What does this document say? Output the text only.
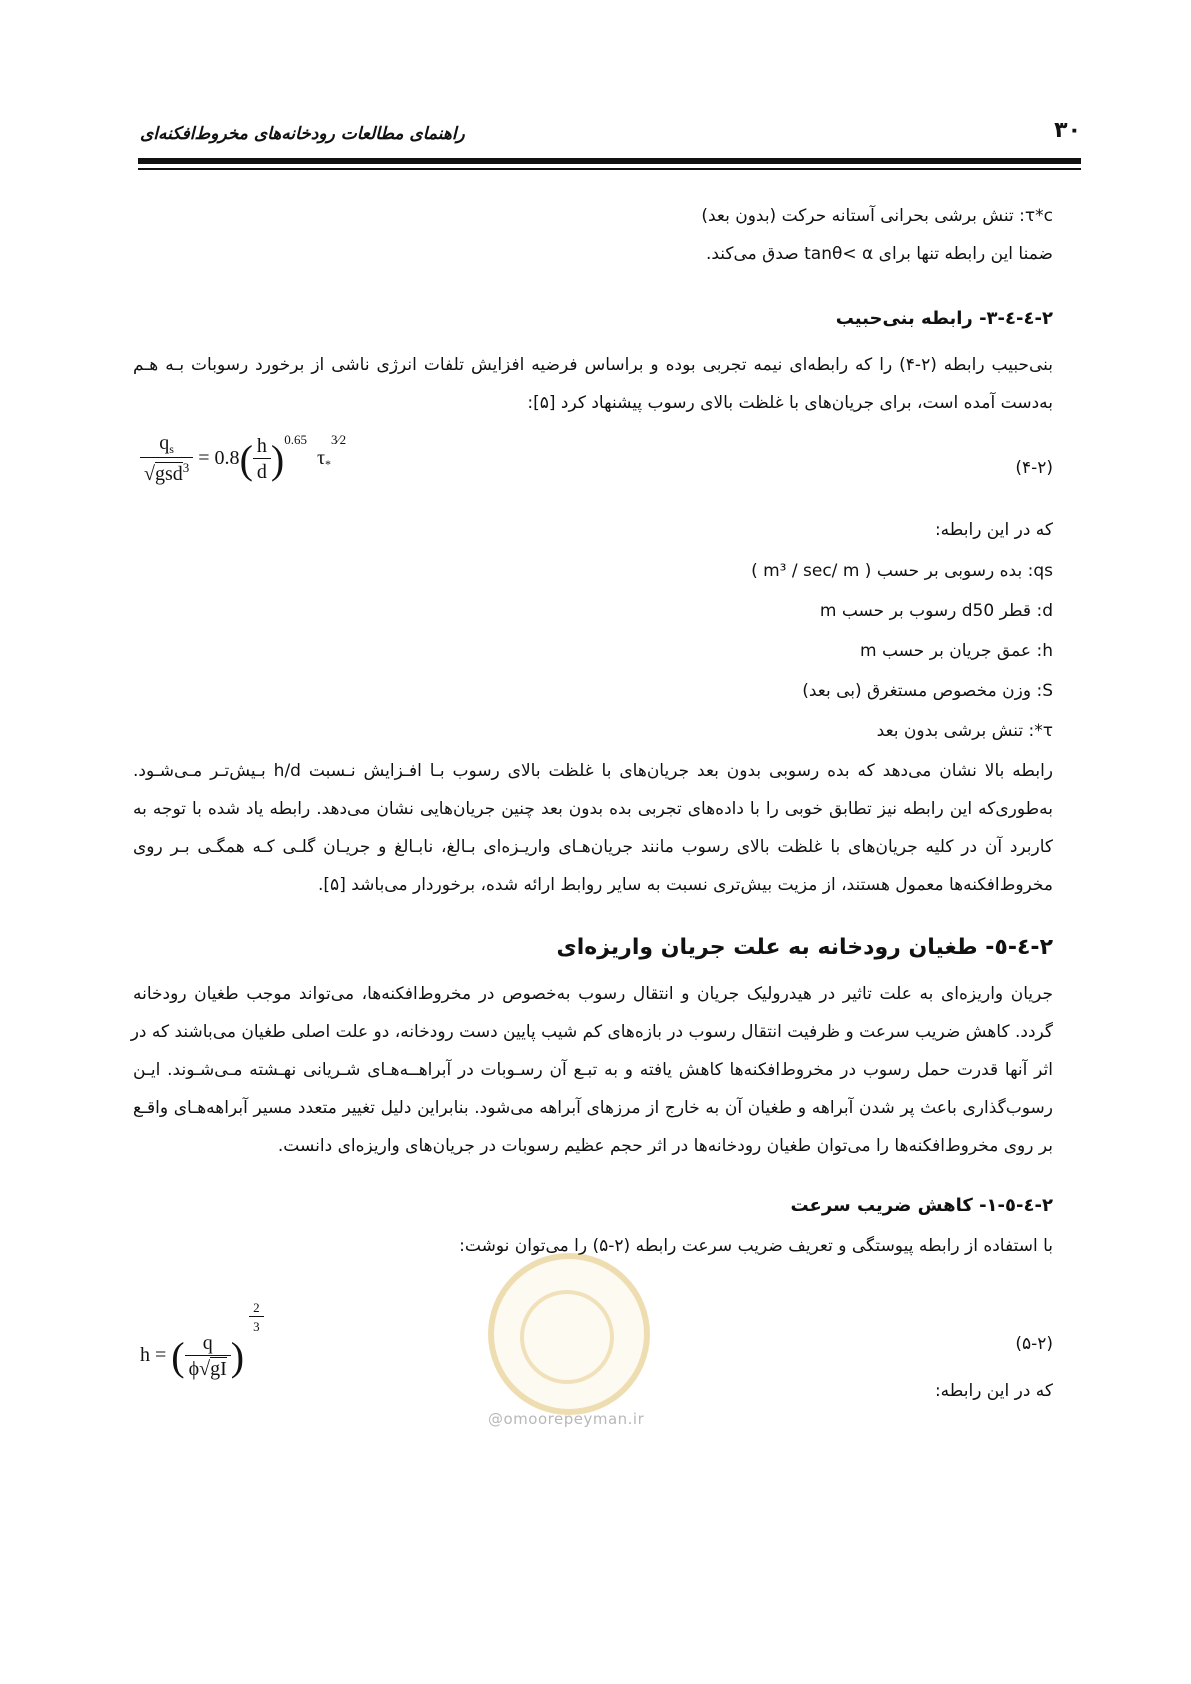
راهنمای مطالعات رودخانه‌های مخروط‌افکنه‌ای	۳۰
τ*c: تنش برشی بحرانی آستانه حرکت (بدون بعد)
ضمنا این رابطه تنها برای tanθ< α صدق می‌کند.
۲-٤-٤-۳- رابطه بنی‌حبیب
بنی‌حبیب رابطه (۲-۴) را که رابطه‌ای نیمه تجربی بوده و براساس فرضیه افزایش تلفات انرژی ناشی از برخورد رسوبات بـه هـم
به‌دست آمده است، برای جریان‌های با غلظت بالای رسوب پیشنهاد کرد [۵]:
$\frac{q_s}{√gsd^3} = 0.8( \frac{h}{d} )^{0.65}$  $\tau_*^{3⁄2}$
(۴-۲)
که در این رابطه:
qs: بده رسوبی بر حسب ( m³ / sec/ m )
d: قطر d50 رسوب بر حسب m
h: عمق جریان بر حسب m
S: وزن مخصوص مستغرق (بی بعد)
τ*: تنش برشی بدون بعد
رابطه بالا نشان می‌دهد که بده رسوبی بدون بعد جریان‌های با غلظت بالای رسوب بـا افـزایش نـسبت h/d بـیش‌تـر مـی‌شـود.
به‌طوری‌که این رابطه نیز تطابق خوبی را با داده‌های تجربی بده بدون بعد چنین جریان‌هایی نشان می‌دهد. رابطه یاد شده با توجه به
کاربرد آن در کلیه جریان‌های با غلظت بالای رسوب مانند جریان‌هـای واریـزه‌ای بـالغ، نابـالغ و جریـان گلـی کـه همگـی بـر روی
مخروط‌افکنه‌ها معمول هستند، از مزیت بیش‌تری نسبت به سایر روابط ارائه شده، برخوردار می‌باشد [۵].
۲-٤-٥- طغیان رودخانه به علت جریان واریزه‌ای
جریان واریزه‌ای به علت تاثیر در هیدرولیک جریان و انتقال رسوب به‌خصوص در مخروط‌افکنه‌ها، می‌تواند موجب طغیان رودخانه
گردد. کاهش ضریب سرعت و ظرفیت انتقال رسوب در بازه‌های کم شیب پایین دست رودخانه، دو علت اصلی طغیان می‌باشند که در
اثر آنها قدرت حمل رسوب در مخروط‌افکنه‌ها کاهش یافته و به تبـع آن رسـوبات در آبراهــه‌هـای شـریانی نهـشته مـی‌شـوند. ایـن
رسوب‌گذاری باعث پر شدن آبراهه و طغیان آن به خارج از مرزهای آبراهه می‌شود. بنابراین دلیل تغییر متعدد مسیر آبراهه‌هـای واقـع
بر روی مخروط‌افکنه‌ها را می‌توان طغیان رودخانه‌ها در اثر حجم عظیم رسوبات در جریان‌های واریزه‌ای دانست.
۲-٤-٥-۱- کاهش ضریب سرعت
با استفاده از رابطه پیوستگی و تعریف ضریب سرعت رابطه (۲-۵) را می‌توان نوشت:
h = ( $\frac{q}{\phi√gI}$ )
$\frac{2}{3}$
(۵-۲)
که در این رابطه:
@omoorepeyman.ir
